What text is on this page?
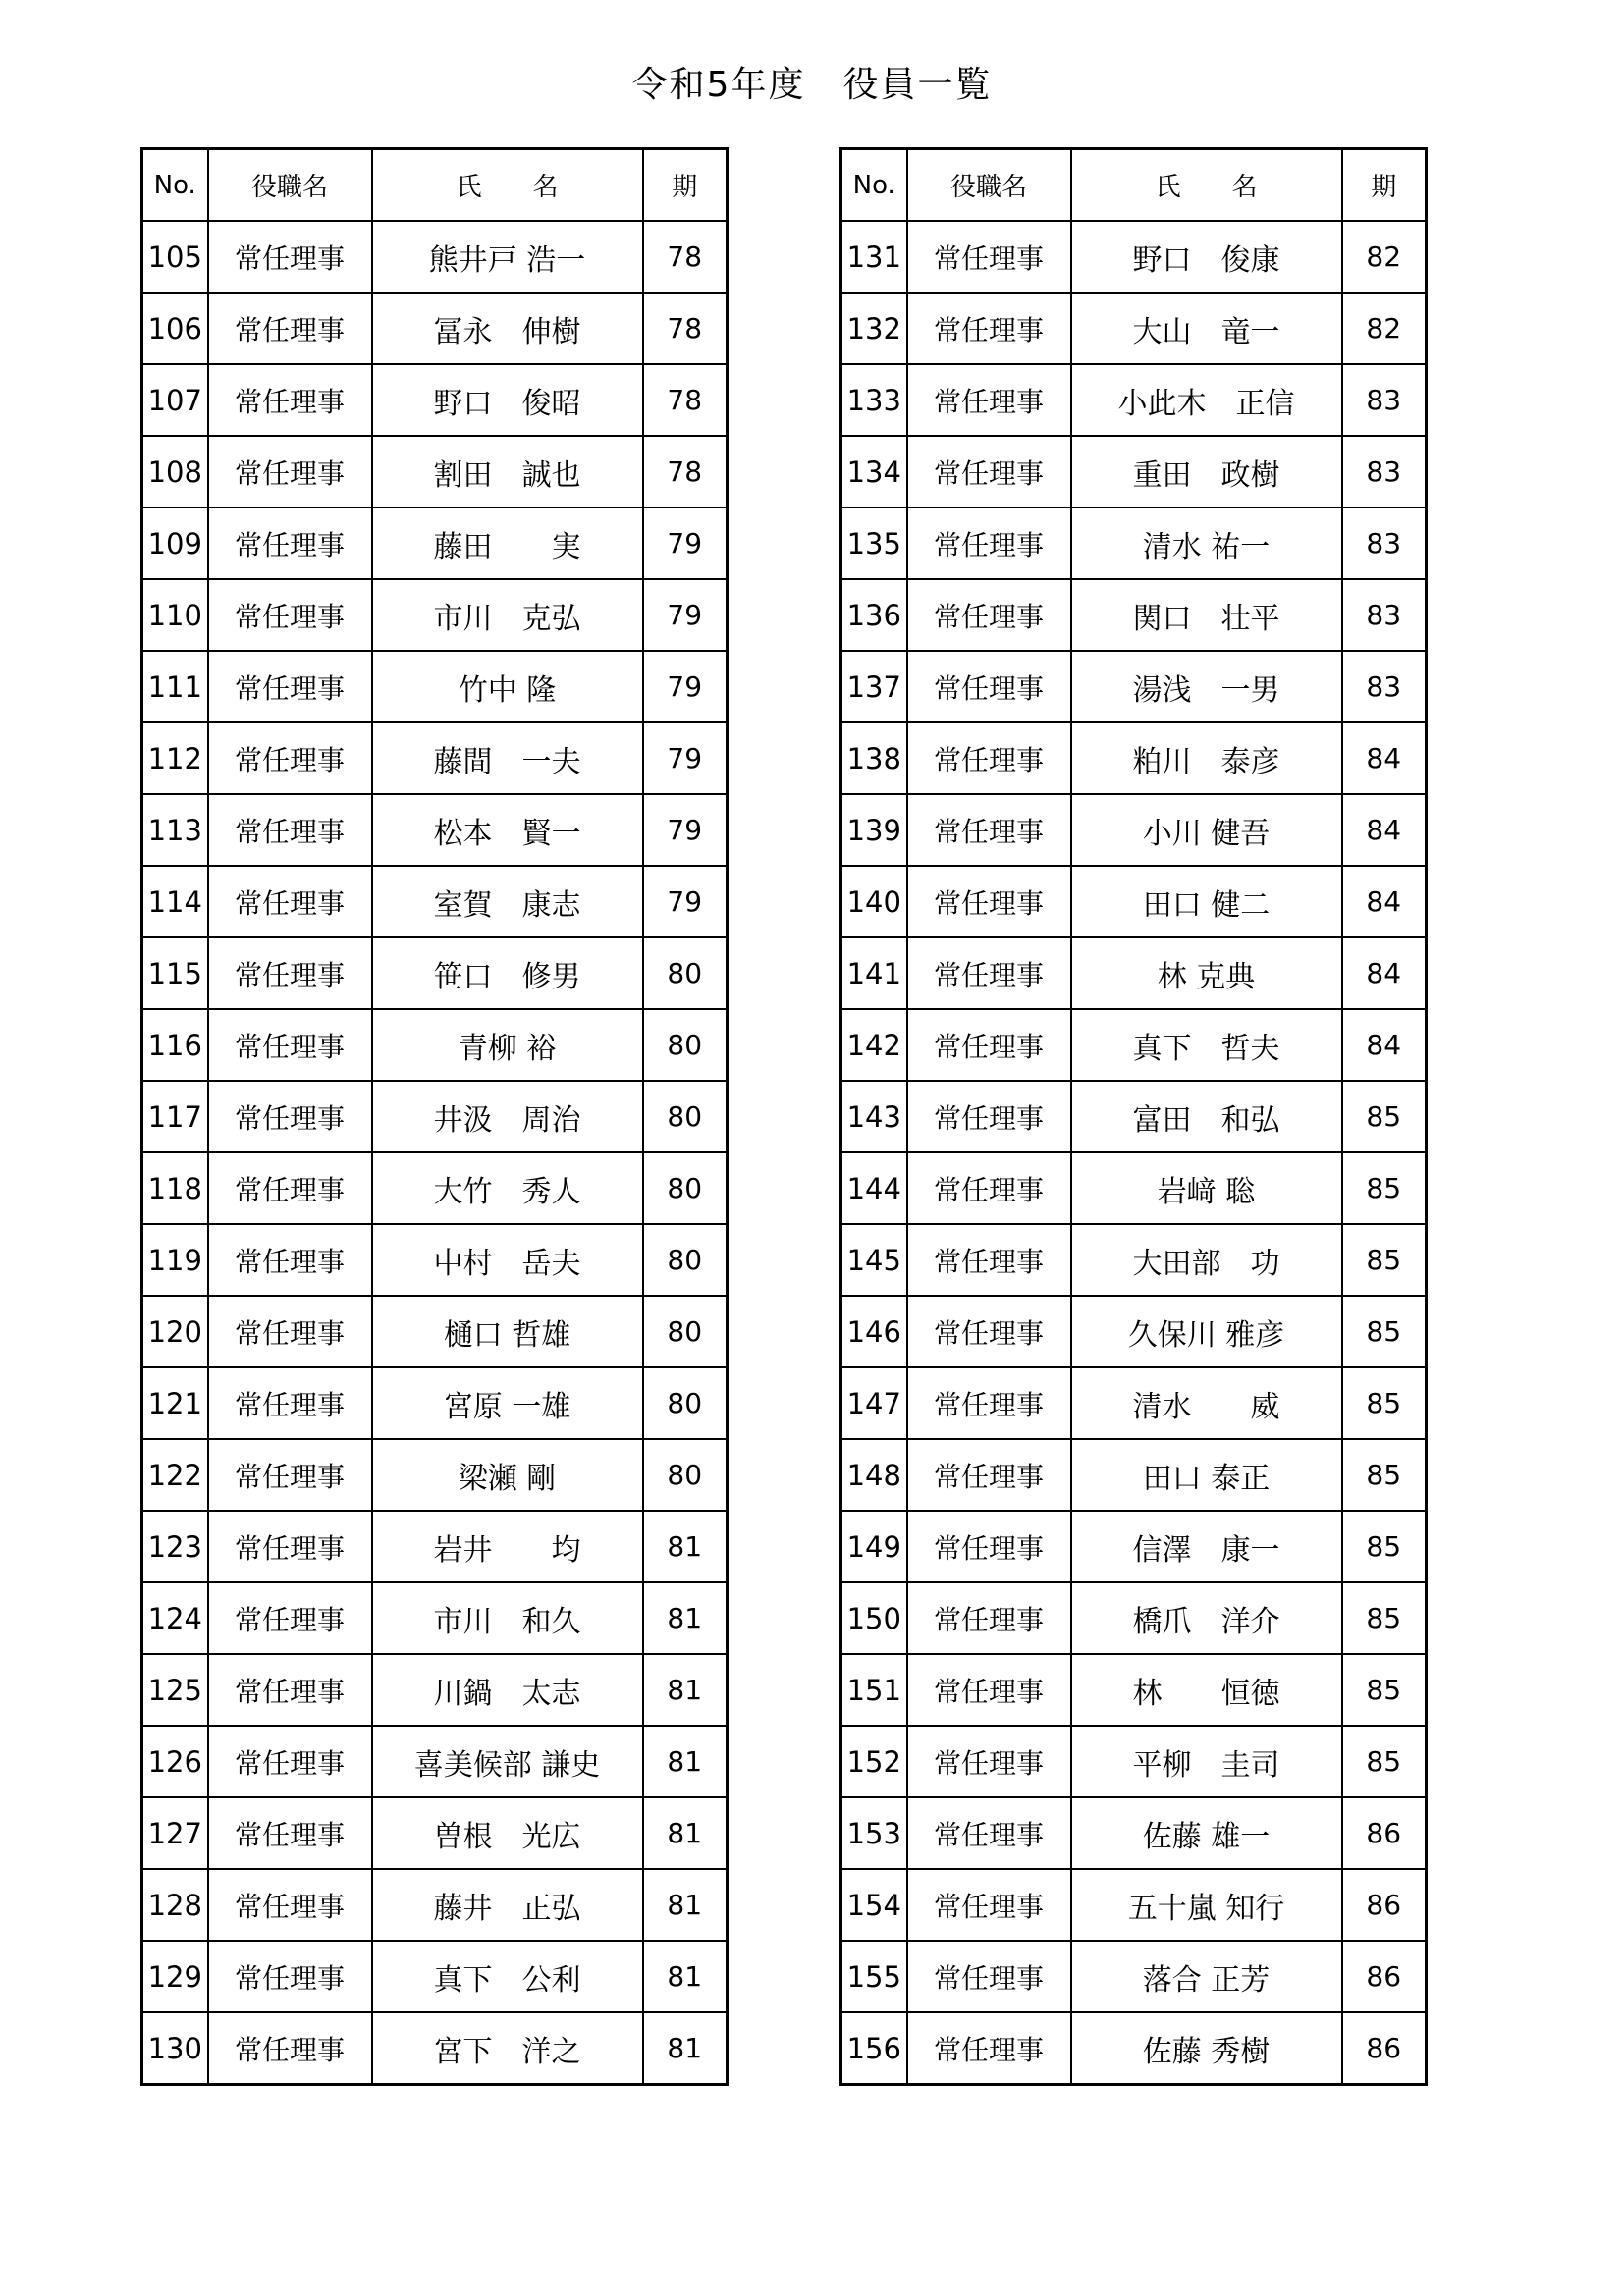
令和5年度　役員一覧
No.	役職名	氏　　名	期
105	常任理事	熊井戸 浩一	78
106	常任理事	冨永　伸樹	78
107	常任理事	野口　俊昭	78
108	常任理事	割田　誠也	78
109	常任理事	藤田　　実	79
110	常任理事	市川　克弘	79
111	常任理事	竹中 隆	79
112	常任理事	藤間　一夫	79
113	常任理事	松本　賢一	79
114	常任理事	室賀　康志	79
115	常任理事	笹口　修男	80
116	常任理事	青柳 裕	80
117	常任理事	井汲　周治	80
118	常任理事	大竹　秀人	80
119	常任理事	中村　岳夫	80
120	常任理事	樋口 哲雄	80
121	常任理事	宮原 一雄	80
122	常任理事	梁瀬 剛	80
123	常任理事	岩井　　均	81
124	常任理事	市川　和久	81
125	常任理事	川鍋　太志	81
126	常任理事	喜美候部 謙史	81
127	常任理事	曽根　光広	81
128	常任理事	藤井　正弘	81
129	常任理事	真下　公利	81
130	常任理事	宮下　洋之	81
No.	役職名	氏　　名	期
131	常任理事	野口　俊康	82
132	常任理事	大山　竜一	82
133	常任理事	小此木　正信	83
134	常任理事	重田　政樹	83
135	常任理事	清水 祐一	83
136	常任理事	関口　壮平	83
137	常任理事	湯浅　一男	83
138	常任理事	粕川　泰彦	84
139	常任理事	小川 健吾	84
140	常任理事	田口 健二	84
141	常任理事	林 克典	84
142	常任理事	真下　哲夫	84
143	常任理事	富田　和弘	85
144	常任理事	岩﨑 聡	85
145	常任理事	大田部　功	85
146	常任理事	久保川 雅彦	85
147	常任理事	清水　　威	85
148	常任理事	田口 泰正	85
149	常任理事	信澤　康一	85
150	常任理事	橋爪　洋介	85
151	常任理事	林　　恒徳	85
152	常任理事	平柳　圭司	85
153	常任理事	佐藤 雄一	86
154	常任理事	五十嵐 知行	86
155	常任理事	落合 正芳	86
156	常任理事	佐藤 秀樹	86
